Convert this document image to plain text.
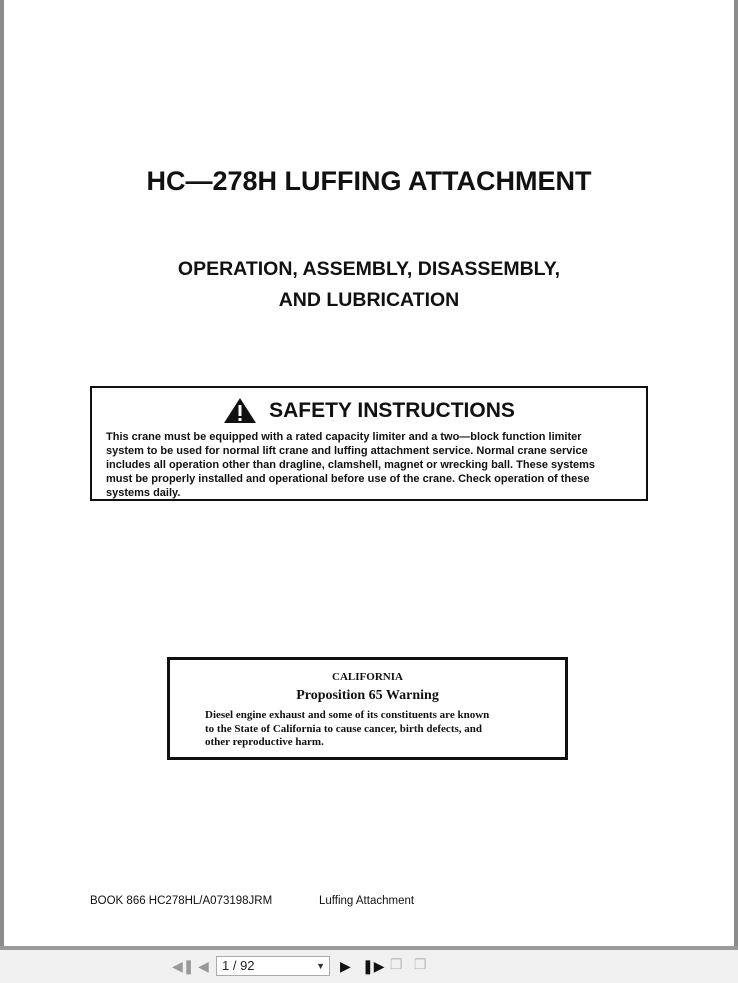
HC—278H LUFFING ATTACHMENT
OPERATION, ASSEMBLY, DISASSEMBLY,
AND LUBRICATION
SAFETY INSTRUCTIONS
This crane must be equipped with a rated capacity limiter and a two—block function limiter
system to be used for normal lift crane and luffing attachment service. Normal crane service
includes all operation other than dragline, clamshell, magnet or wrecking ball. These systems
must be properly installed and operational before use of the crane. Check operation of these
systems daily.
CALIFORNIA
Proposition 65 Warning
Diesel engine exhaust and some of its constituents are known
to the State of California to cause cancer, birth defects, and
other reproductive harm.
BOOK 866 HC278HL/A073198JRM	Luffing Attachment
◀❚ ◀	1 / 92	▼ ▶ ❚▶ ❐ ❐
